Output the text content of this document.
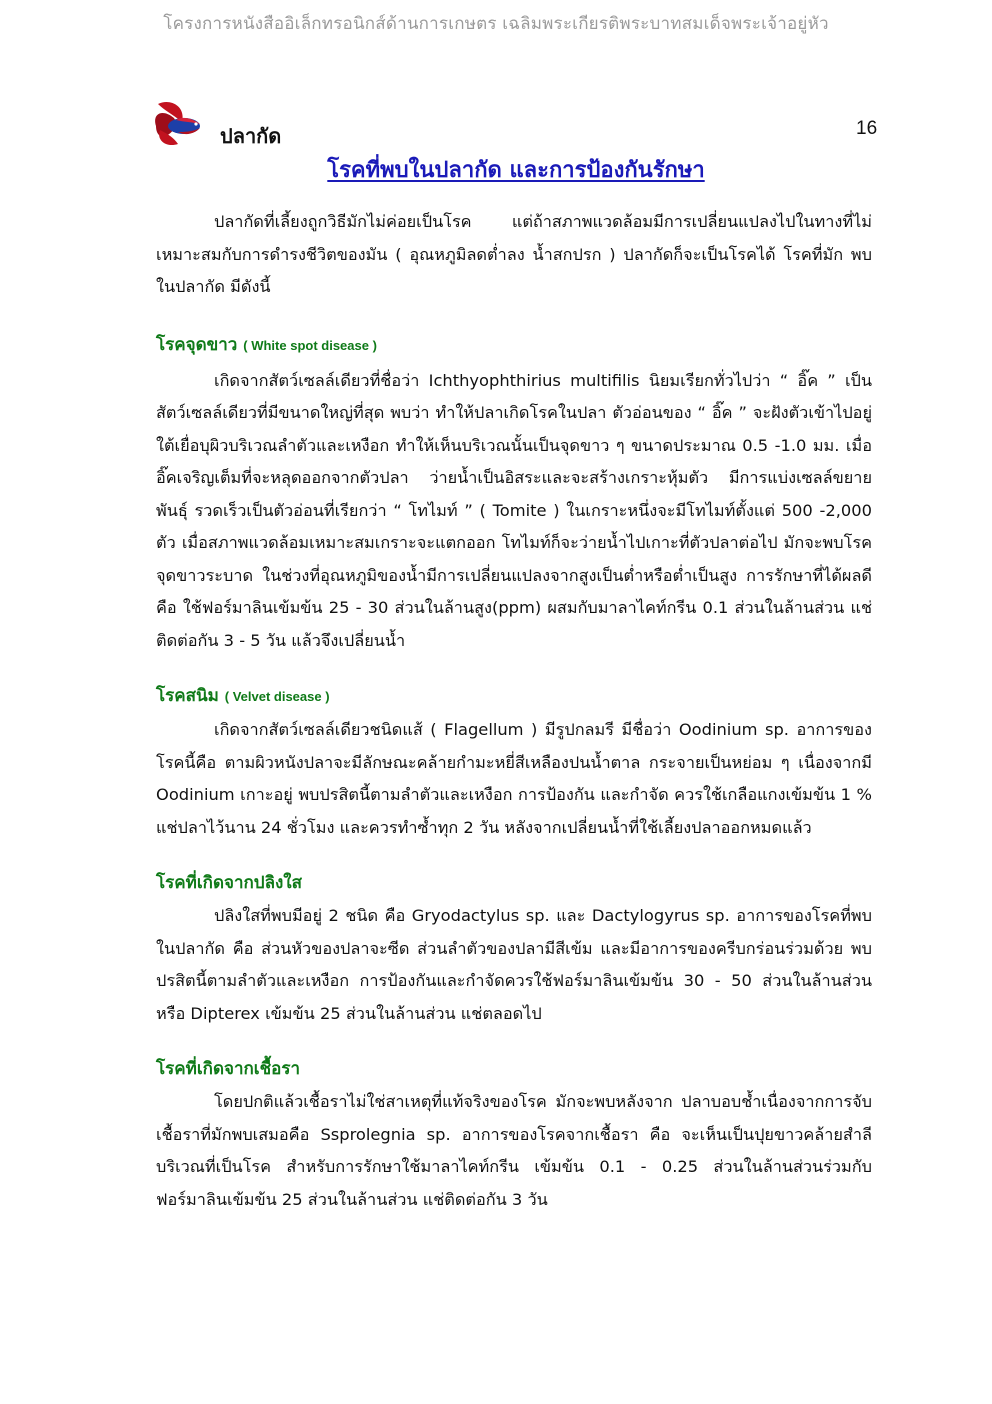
โครงการหนังสืออิเล็กทรอนิกส์ด้านการเกษตร เฉลิมพระเกียรติพระบาทสมเด็จพระเจ้าอยู่หัว
ปลากัด	16
โรคที่พบในปลากัด และการป้องกันรักษา

ปลากัดที่เลี้ยงถูกวิธีมักไม่ค่อยเป็นโรค แต่ถ้าสภาพแวดล้อมมีการเปลี่ยนแปลงไปในทางที่ไม่เหมาะสมกับการดำรงชีวิตของมัน ( อุณหภูมิลดต่ำลง น้ำสกปรก ) ปลากัดก็จะเป็นโรคได้ โรคที่มัก พบในปลากัด มีดังนี้

โรคจุดขาว ( White spot disease )

เกิดจากสัตว์เซลล์เดียวที่ชื่อว่า Ichthyophthirius multifilis นิยมเรียกทั่วไปว่า “ อิ๊ค ” เป็นสัตว์เซลล์เดียวที่มีขนาดใหญ่ที่สุด พบว่า ทำให้ปลาเกิดโรคในปลา ตัวอ่อนของ “ อิ๊ค ” จะฝังตัวเข้าไปอยู่ใต้เยื่อบุผิวบริเวณลำตัวและเหงือก ทำให้เห็นบริเวณนั้นเป็นจุดขาว ๆ ขนาดประมาณ 0.5 -1.0 มม. เมื่ออิ๊คเจริญเต็มที่จะหลุดออกจากตัวปลา ว่ายน้ำเป็นอิสระและจะสร้างเกราะหุ้มตัว มีการแบ่งเซลล์ขยายพันธุ์ รวดเร็วเป็นตัวอ่อนที่เรียกว่า “ โทไมท์ ” ( Tomite ) ในเกราะหนึ่งจะมีโทไมท์ตั้งแต่ 500 -2,000 ตัว เมื่อสภาพแวดล้อมเหมาะสมเกราะจะแตกออก โทไมท์ก็จะว่ายน้ำไปเกาะที่ตัวปลาต่อไป มักจะพบโรคจุดขาวระบาด ในช่วงที่อุณหภูมิของน้ำมีการเปลี่ยนแปลงจากสูงเป็นต่ำหรือต่ำเป็นสูง การรักษาที่ได้ผลดี คือ ใช้ฟอร์มาลินเข้มข้น 25 - 30 ส่วนในล้านสูง(ppm) ผสมกับมาลาไคท์กรีน 0.1 ส่วนในล้านส่วน แช่ติดต่อกัน 3 - 5 วัน แล้วจึงเปลี่ยนน้ำ

โรคสนิม ( Velvet disease )

เกิดจากสัตว์เซลล์เดียวชนิดแส้ ( Flagellum ) มีรูปกลมรี มีชื่อว่า Oodinium sp. อาการของโรคนี้คือ ตามผิวหนังปลาจะมีลักษณะคล้ายกำมะหยี่สีเหลืองปนน้ำตาล กระจายเป็นหย่อม ๆ เนื่องจากมี Oodinium เกาะอยู่ พบปรสิตนี้ตามลำตัวและเหงือก การป้องกัน และกำจัด ควรใช้เกลือแกงเข้มข้น 1 % แช่ปลาไว้นาน 24 ชั่วโมง และควรทำซ้ำทุก 2 วัน หลังจากเปลี่ยนน้ำที่ใช้เลี้ยงปลาออกหมดแล้ว

โรคที่เกิดจากปลิงใส

ปลิงใสที่พบมีอยู่ 2 ชนิด คือ Gryodactylus sp. และ Dactylogyrus sp. อาการของโรคที่พบในปลากัด คือ ส่วนหัวของปลาจะซีด ส่วนลำตัวของปลามีสีเข้ม และมีอาการของครีบกร่อนร่วมด้วย พบปรสิตนี้ตามลำตัวและเหงือก การป้องกันและกำจัดควรใช้ฟอร์มาลินเข้มข้น 30 - 50 ส่วนในล้านส่วน หรือ Dipterex เข้มข้น 25 ส่วนในล้านส่วน แช่ตลอดไป

โรคที่เกิดจากเชื้อรา

โดยปกติแล้วเชื้อราไม่ใช่สาเหตุที่แท้จริงของโรค มักจะพบหลังจาก ปลาบอบช้ำเนื่องจากการจับ เชื้อราที่มักพบเสมอคือ Ssprolegnia sp. อาการของโรคจากเชื้อรา คือ จะเห็นเป็นปุยขาวคล้ายสำลีบริเวณที่เป็นโรค สำหรับการรักษาใช้มาลาไคท์กรีน เข้มข้น 0.1 - 0.25 ส่วนในล้านส่วนร่วมกับฟอร์มาลินเข้มข้น 25 ส่วนในล้านส่วน แช่ติดต่อกัน 3 วัน
